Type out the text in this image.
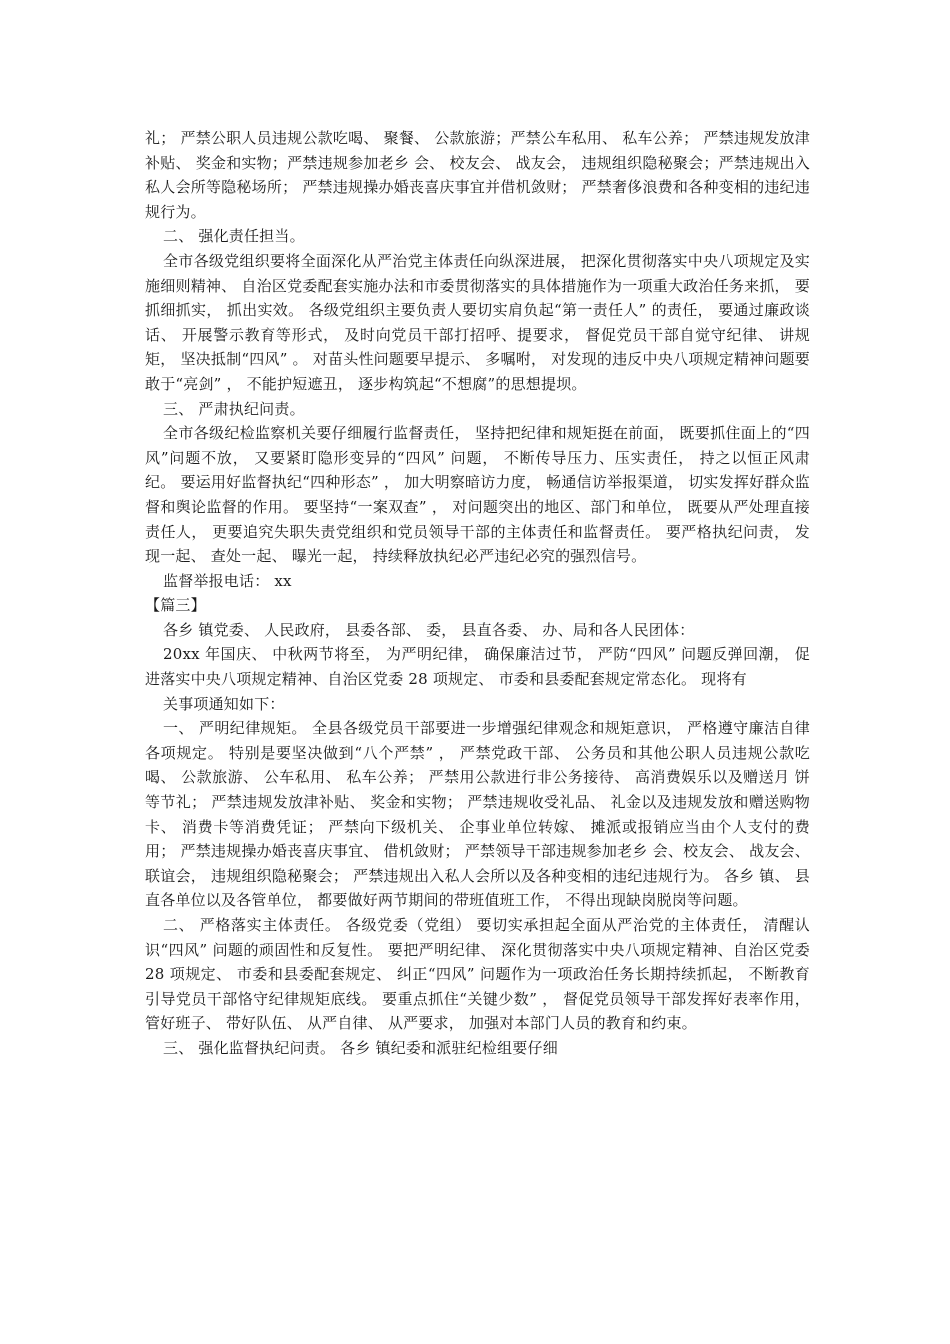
礼； 严禁公职人员违规公款吃喝、 聚餐、 公款旅游；严禁公车私用、 私车公养； 严禁违规发放津补贴、 奖金和实物；严禁违规参加老乡 会、 校友会、 战友会， 违规组织隐秘聚会；严禁违规出入私人会所等隐秘场所； 严禁违规操办婚丧喜庆事宜并借机敛财； 严禁奢侈浪费和各种变相的违纪违规行为。

二、 强化责任担当。

全市各级党组织要将全面深化从严治党主体责任向纵深进展， 把深化贯彻落实中央八项规定及实施细则精神、 自治区党委配套实施办法和市委贯彻落实的具体措施作为一项重大政治任务来抓， 要抓细抓实， 抓出实效。 各级党组织主要负责人要切实肩负起“第一责任人” 的责任， 要通过廉政谈话、 开展警示教育等形式， 及时向党员干部打招呼、提要求， 督促党员干部自觉守纪律、 讲规矩， 坚决抵制“四风” 。 对苗头性问题要早提示、 多嘱咐， 对发现的违反中央八项规定精神问题要敢于“亮剑” ， 不能护短遮丑， 逐步构筑起“不想腐”的思想提坝。

三、 严肃执纪问责。

全市各级纪检监察机关要仔细履行监督责任， 坚持把纪律和规矩挺在前面， 既要抓住面上的“四风”问题不放， 又要紧盯隐形变异的“四风” 问题， 不断传导压力、压实责任， 持之以恒正风肃纪。 要运用好监督执纪“四种形态” ， 加大明察暗访力度， 畅通信访举报渠道， 切实发挥好群众监督和舆论监督的作用。 要坚持“一案双查” ， 对问题突出的地区、部门和单位， 既要从严处理直接责任人， 更要追究失职失责党组织和党员领导干部的主体责任和监督责任。 要严格执纪问责， 发现一起、 查处一起、 曝光一起， 持续释放执纪必严违纪必究的强烈信号。

监督举报电话： xx

【篇三】

各乡 镇党委、 人民政府， 县委各部、 委， 县直各委、 办、局和各人民团体：

20xx 年国庆、 中秋两节将至， 为严明纪律， 确保廉洁过节， 严防“四风” 问题反弹回潮， 促进落实中央八项规定精神、自治区党委 28 项规定、 市委和县委配套规定常态化。 现将有

关事项通知如下：

一、 严明纪律规矩。 全县各级党员干部要进一步增强纪律观念和规矩意识， 严格遵守廉洁自律各项规定。 特别是要坚决做到“八个严禁” ， 严禁党政干部、 公务员和其他公职人员违规公款吃喝、 公款旅游、 公车私用、 私车公养； 严禁用公款进行非公务接待、 高消费娱乐以及赠送月 饼等节礼； 严禁违规发放津补贴、 奖金和实物； 严禁违规收受礼品、 礼金以及违规发放和赠送购物卡、 消费卡等消费凭证； 严禁向下级机关、 企事业单位转嫁、 摊派或报销应当由个人支付的费用； 严禁违规操办婚丧喜庆事宜、 借机敛财； 严禁领导干部违规参加老乡 会、校友会、 战友会、 联谊会， 违规组织隐秘聚会； 严禁违规出入私人会所以及各种变相的违纪违规行为。 各乡 镇、 县直各单位以及各管单位， 都要做好两节期间的带班值班工作， 不得出现缺岗脱岗等问题。

二、 严格落实主体责任。 各级党委（党组） 要切实承担起全面从严治党的主体责任， 清醒认识“四风” 问题的顽固性和反复性。 要把严明纪律、 深化贯彻落实中央八项规定精神、自治区党委 28 项规定、 市委和县委配套规定、 纠正“四风” 问题作为一项政治任务长期持续抓起， 不断教育引导党员干部恪守纪律规矩底线。 要重点抓住“关键少数” ， 督促党员领导干部发挥好表率作用， 管好班子、 带好队伍、 从严自律、 从严要求， 加强对本部门人员的教育和约束。

三、 强化监督执纪问责。 各乡 镇纪委和派驻纪检组要仔细
